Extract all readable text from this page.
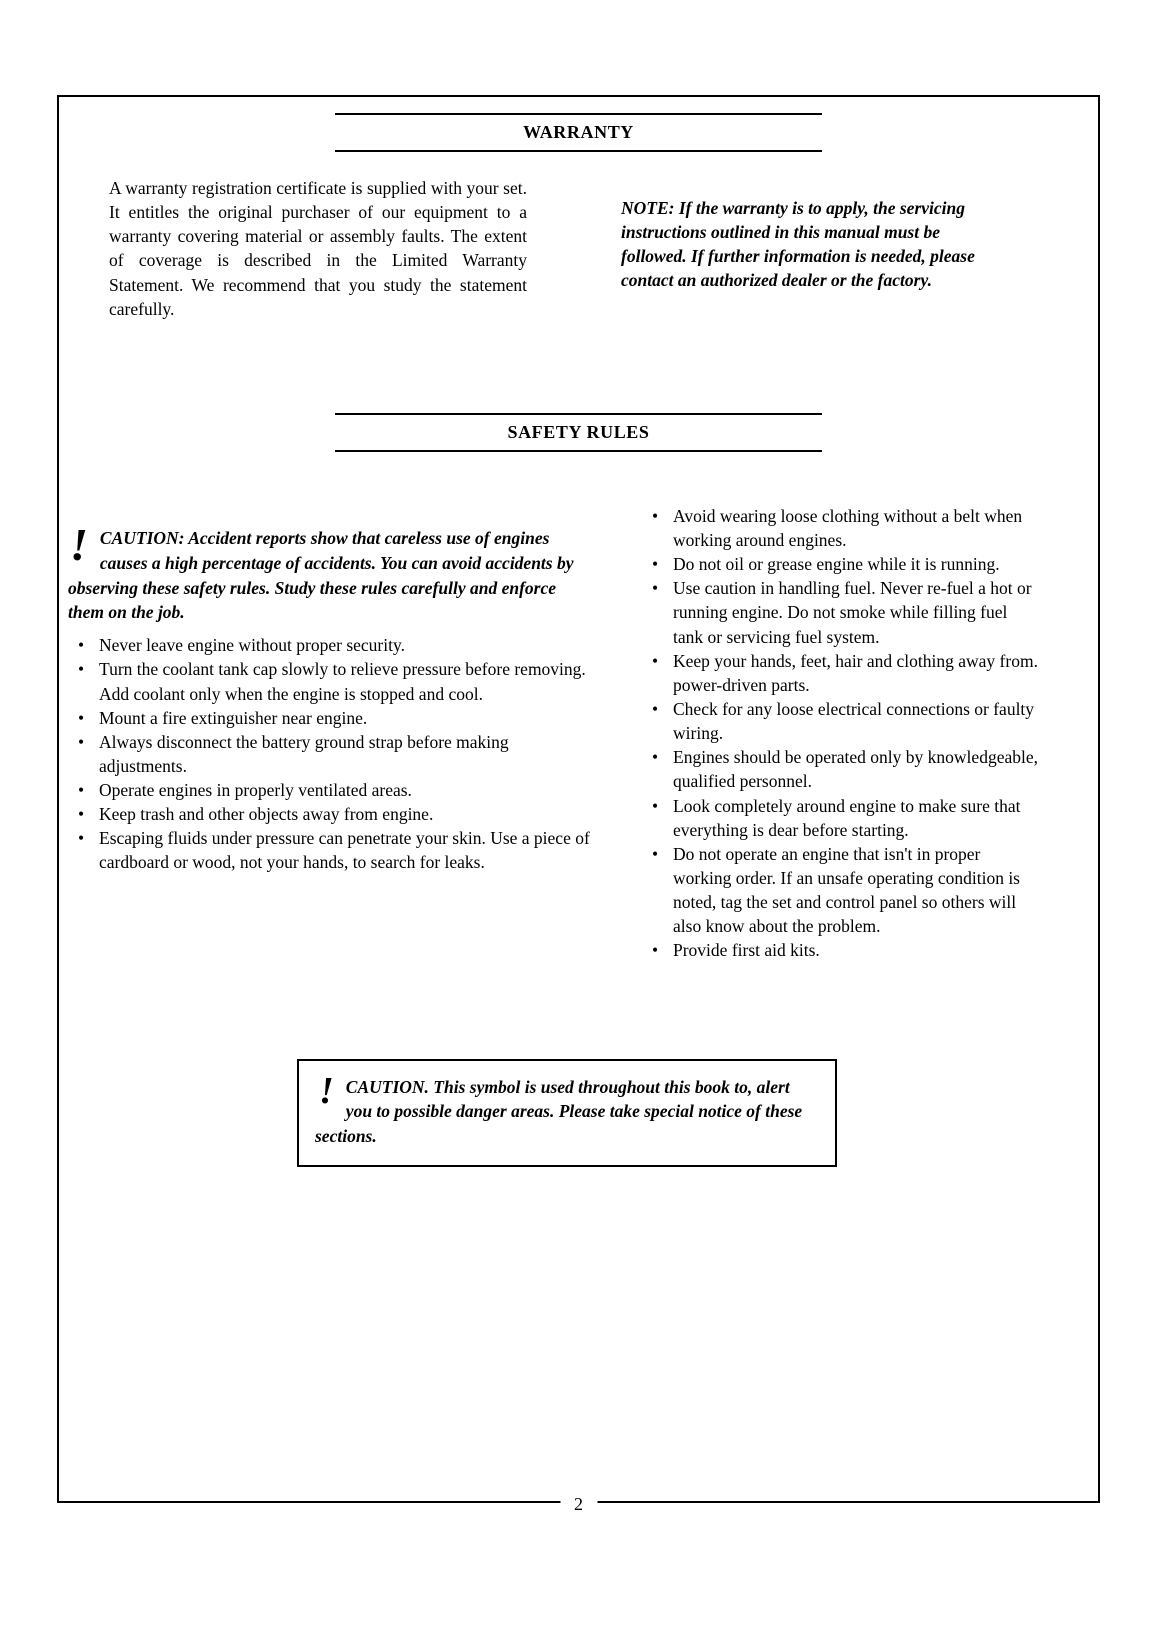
WARRANTY

A warranty registration certificate is supplied with your set. It entitles the original purchaser of our equipment to a warranty covering material or assembly faults. The extent of coverage is described in the Limited Warranty Statement. We recommend that you study the statement carefully.

NOTE: If the warranty is to apply, the servicing instructions outlined in this manual must be followed. If further information is needed, please contact an authorized dealer or the factory.

SAFETY RULES

! CAUTION: Accident reports show that careless use of engines causes a high percentage of accidents. You can avoid accidents by observing these safety rules. Study these rules carefully and enforce them on the job.

• Never leave engine without proper security.
• Turn the coolant tank cap slowly to relieve pressure before removing. Add coolant only when the engine is stopped and cool.
• Mount a fire extinguisher near engine.
• Always disconnect the battery ground strap before making adjustments.
• Operate engines in properly ventilated areas.
• Keep trash and other objects away from engine.
• Escaping fluids under pressure can penetrate your skin. Use a piece of cardboard or wood, not your hands, to search for leaks.
• Avoid wearing loose clothing without a belt when working around engines.
• Do not oil or grease engine while it is running.
• Use caution in handling fuel. Never re-fuel a hot or running engine. Do not smoke while filling fuel tank or servicing fuel system.
• Keep your hands, feet, hair and clothing away from. power-driven parts.
• Check for any loose electrical connections or faulty wiring.
• Engines should be operated only by knowledgeable, qualified personnel.
• Look completely around engine to make sure that everything is dear before starting.
• Do not operate an engine that isn't in proper working order. If an unsafe operating condition is noted, tag the set and control panel so others will also know about the problem.
• Provide first aid kits.
! CAUTION. This symbol is used throughout this book to, alert you to possible danger areas. Please take special notice of these sections.
2
